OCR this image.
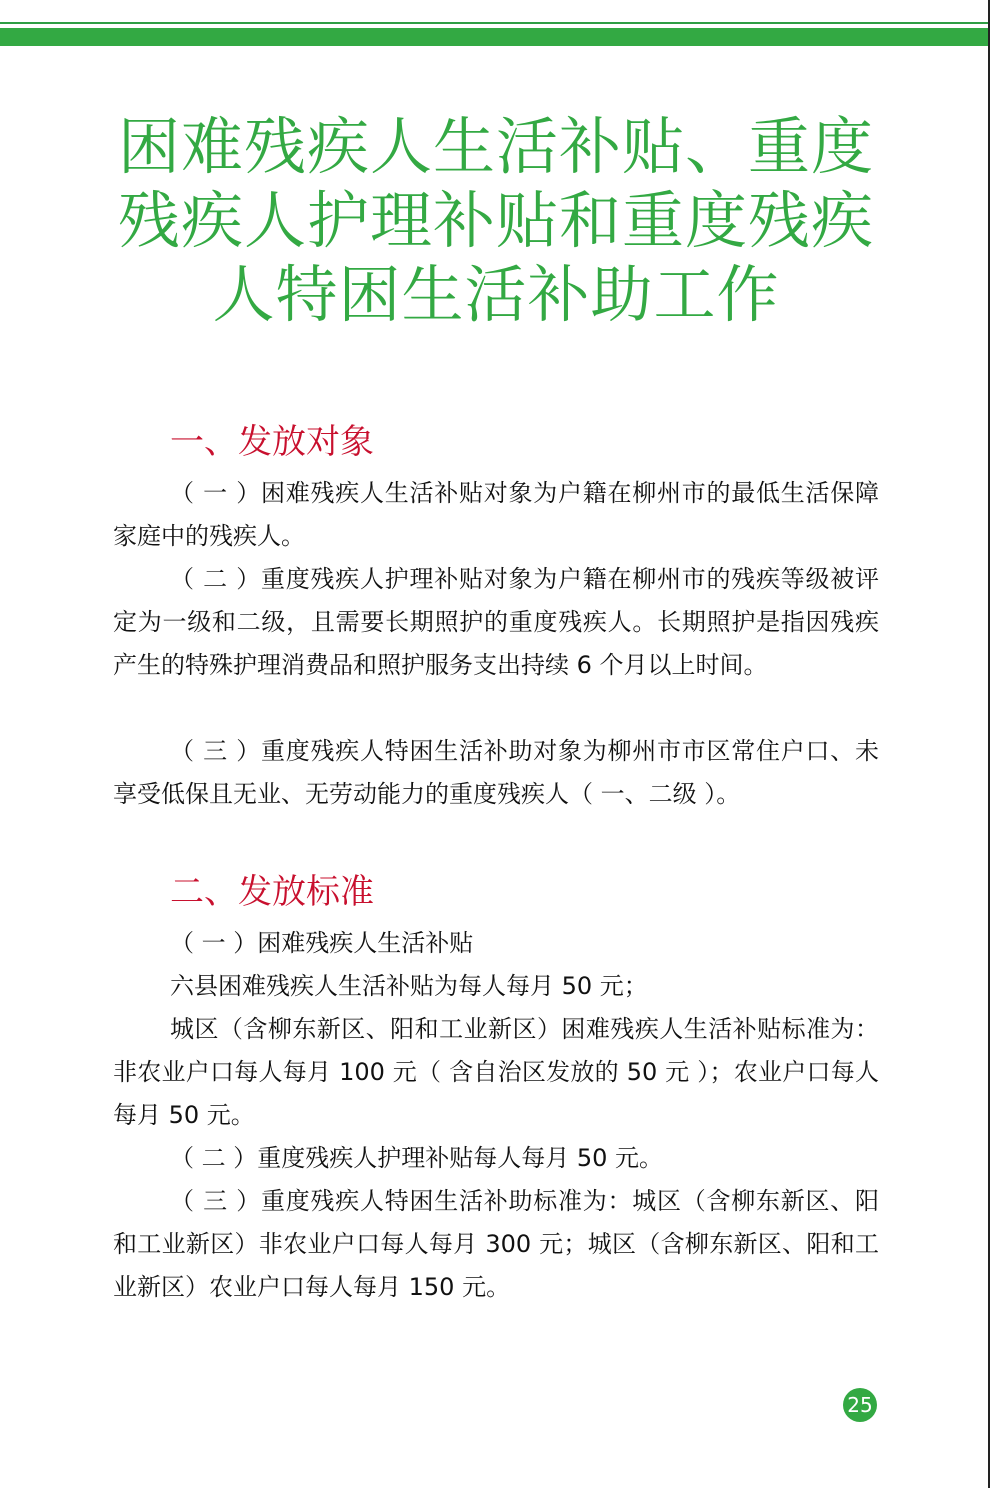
困难残疾人生活补贴、重度
残疾人护理补贴和重度残疾
人特困生活补助工作
一、发放对象

（ 一 ）困难残疾人生活补贴对象为户籍在柳州市的最低生活保障家庭中的残疾人。

（ 二 ）重度残疾人护理补贴对象为户籍在柳州市的残疾等级被评定为一级和二级，且需要长期照护的重度残疾人。长期照护是指因残疾产生的特殊护理消费品和照护服务支出持续 6 个月以上时间。

（ 三 ）重度残疾人特困生活补助对象为柳州市市区常住户口、未享受低保且无业、无劳动能力的重度残疾人（ 一、二级 ）。

二、发放标准

（ 一 ）困难残疾人生活补贴

六县困难残疾人生活补贴为每人每月 50 元；

城区（含柳东新区、阳和工业新区）困难残疾人生活补贴标准为：非农业户口每人每月 100 元（ 含自治区发放的 50 元 ）；农业户口每人每月 50 元。

（ 二 ）重度残疾人护理补贴每人每月 50 元。

（ 三 ）重度残疾人特困生活补助标准为：城区（含柳东新区、阳和工业新区）非农业户口每人每月 300 元；城区（含柳东新区、阳和工业新区）农业户口每人每月 150 元。

25
